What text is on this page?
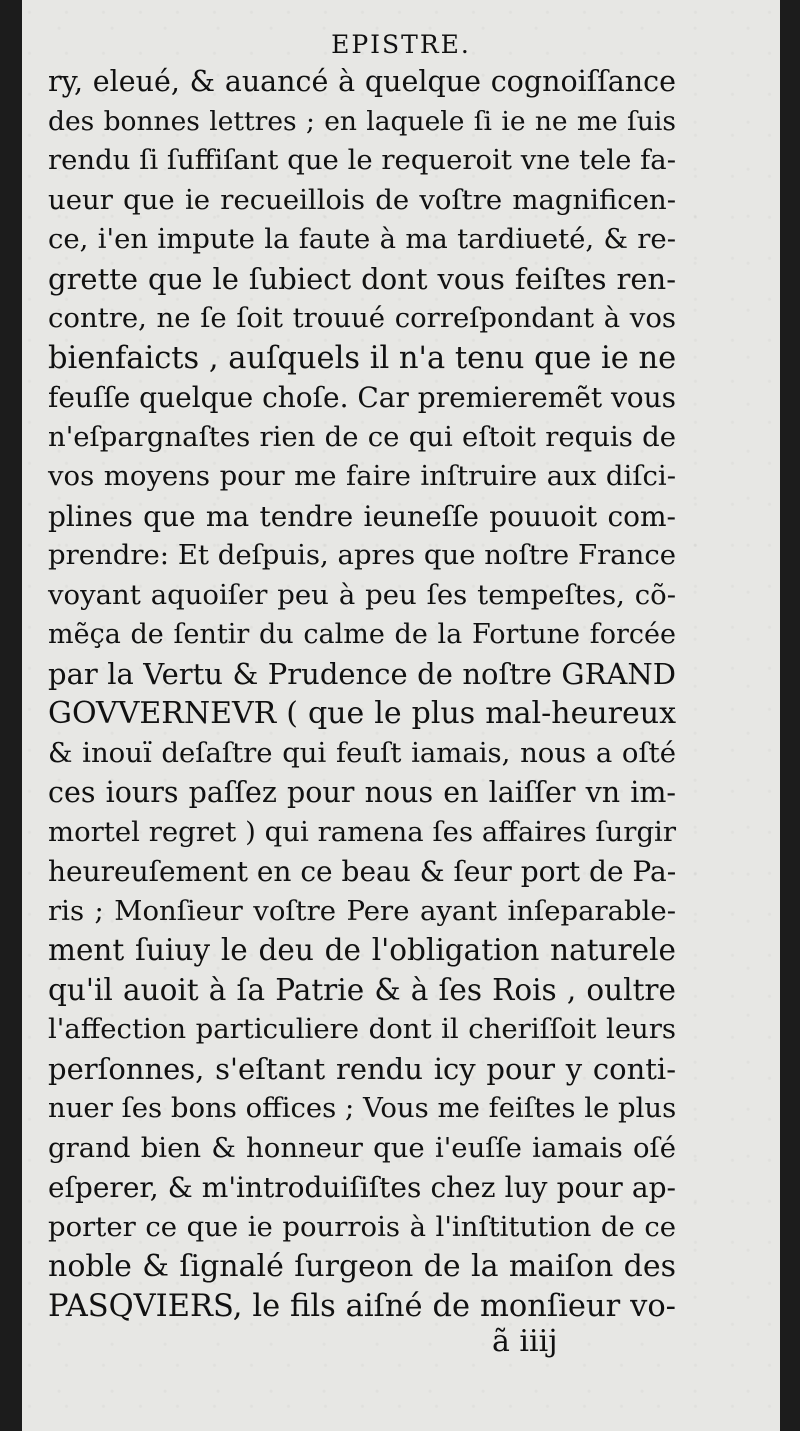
EPISTRE.
ry, eleué, & auancé à quelque cognoiſſance
des bonnes lettres ; en laquele ſi ie ne me ſuis
rendu ſi ſuffiſant que le requeroit vne tele fa-
ueur que ie recueillois de voſtre magnificen-
ce, i'en impute la faute à ma tardiueté, & re-
grette que le ſubiect dont vous feiſtes ren-
contre, ne ſe ſoit trouué correſpondant à vos
bienfaicts , auſquels il n'a tenu que ie ne
feuſſe quelque choſe. Car premieremẽt vous
n'eſpargnaſtes rien de ce qui eſtoit requis de
vos moyens pour me faire inſtruire aux diſci-
plines que ma tendre ieuneſſe pouuoit com-
prendre: Et deſpuis, apres que noſtre France
voyant aquoiſer peu à peu ſes tempeſtes, cõ-
mẽça de ſentir du calme de la Fortune forcée
par la Vertu & Prudence de noſtre GRAND
GOVVERNEVR ( que le plus mal-heureux
& inouï deſaſtre qui feuſt iamais, nous a oſté
ces iours paſſez pour nous en laiſſer vn im-
mortel regret ) qui ramena ſes affaires ſurgir
heureuſement en ce beau & ſeur port de Pa-
ris ; Monſieur voſtre Pere ayant inſeparable-
ment ſuiuy le deu de l'obligation naturele
qu'il auoit à ſa Patrie & à ſes Rois , oultre
l'affection particuliere dont il cheriſſoit leurs
perſonnes, s'eſtant rendu icy pour y conti-
nuer ſes bons offices ; Vous me feiſtes le plus
grand bien & honneur que i'euſſe iamais oſé
eſperer, & m'introduiſiſtes chez luy pour ap-
porter ce que ie pourrois à l'inſtitution de ce
noble & ſignalé ſurgeon de la maiſon des
PASQVIERS, le fils aiſné de monſieur vo-
ã iiij
